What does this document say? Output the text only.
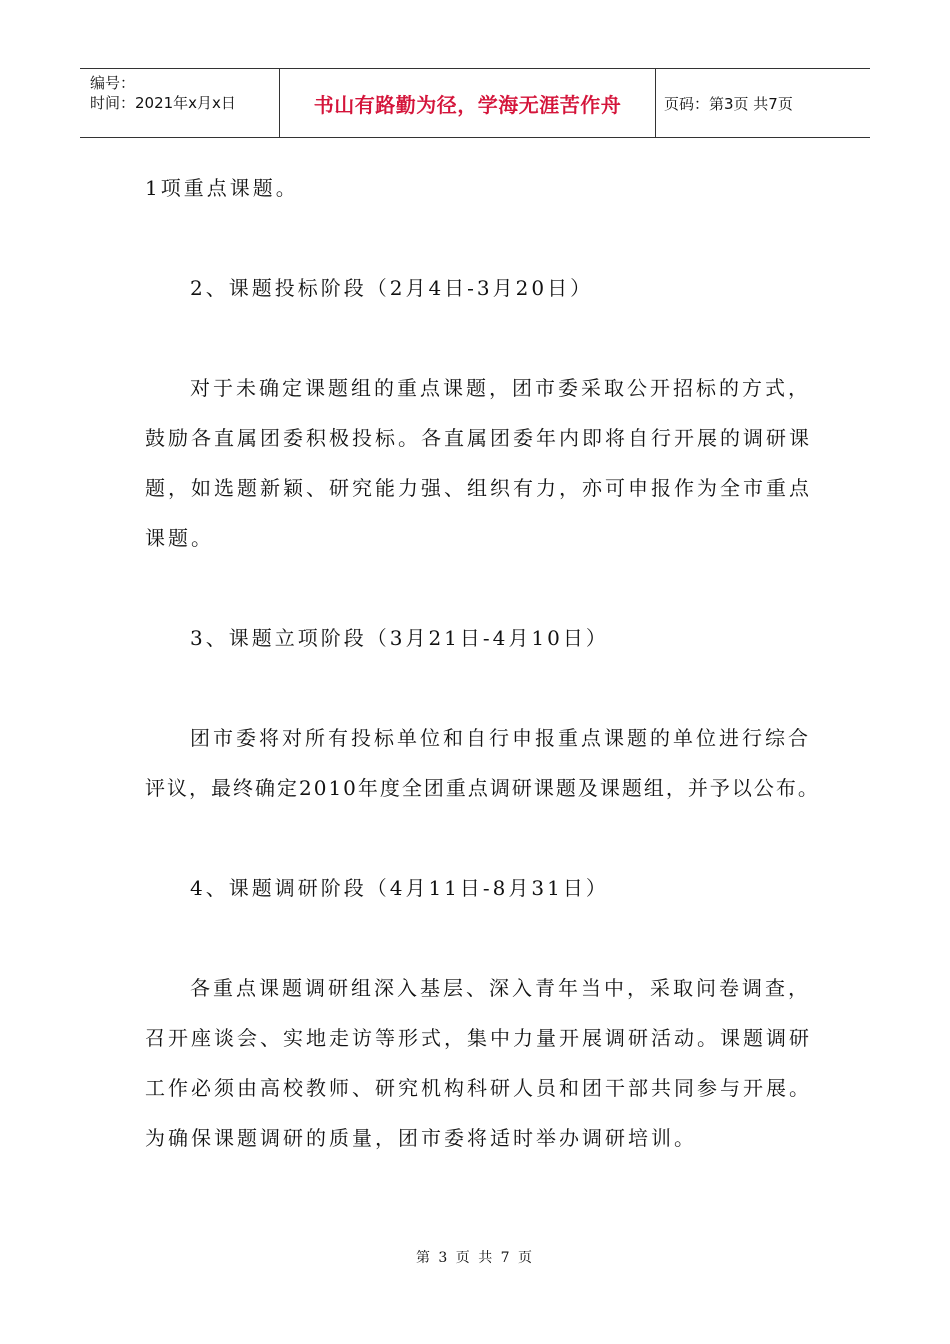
编号：
时间：2021年x月x日	书山有路勤为径，学海无涯苦作舟	页码：第3页 共7页
1项重点课题。
2、课题投标阶段（2月4日-3月20日）
对于未确定课题组的重点课题，团市委采取公开招标的方式，
鼓励各直属团委积极投标。各直属团委年内即将自行开展的调研课
题，如选题新颖、研究能力强、组织有力，亦可申报作为全市重点
课题。
3、课题立项阶段（3月21日-4月10日）
团市委将对所有投标单位和自行申报重点课题的单位进行综合
评议，最终确定2010年度全团重点调研课题及课题组，并予以公布。
4、课题调研阶段（4月11日-8月31日）
各重点课题调研组深入基层、深入青年当中，采取问卷调查，
召开座谈会、实地走访等形式，集中力量开展调研活动。课题调研
工作必须由高校教师、研究机构科研人员和团干部共同参与开展。
为确保课题调研的质量，团市委将适时举办调研培训。
第 3 页 共 7 页
